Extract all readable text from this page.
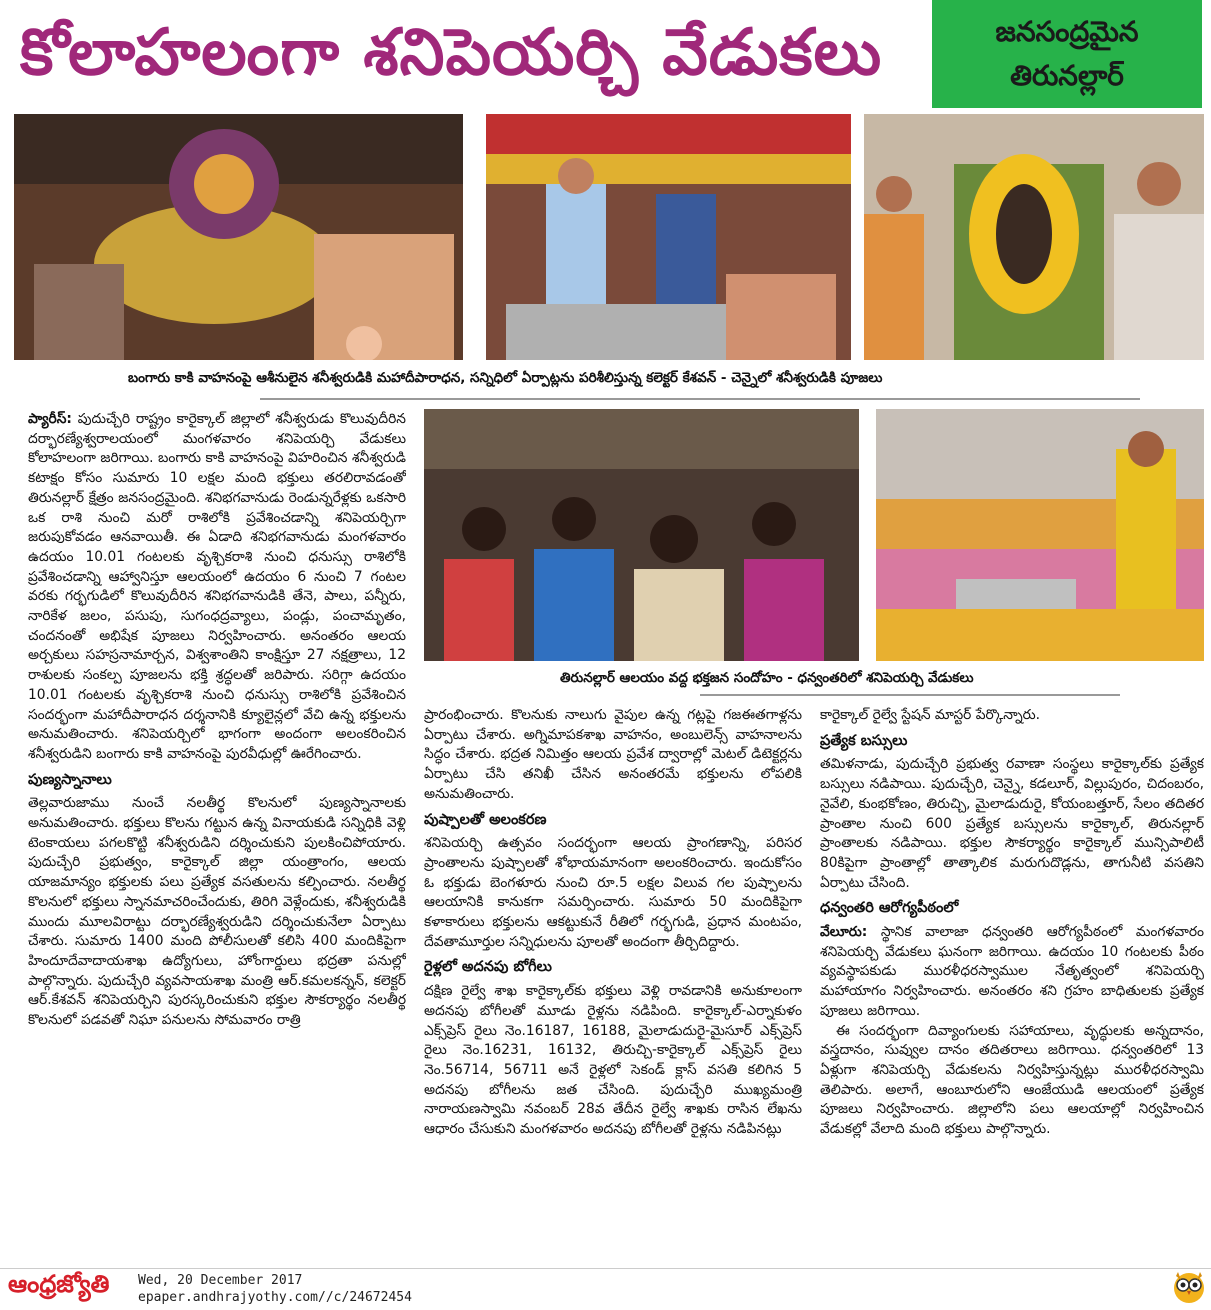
కోలాహలంగా శనిపెయర్చి వేడుకలు	జనసంద్రమైన
తిరునల్లార్
బంగారు కాకి వాహనంపై ఆశీనులైన శనీశ్వరుడికి మహాదీపారాధన, సన్నిధిలో ఏర్పాట్లను పరిశీలిస్తున్న కలెక్టర్ కేశవన్ - చెన్నైలో శనీశ్వరుడికి పూజలు
తిరునల్లార్ ఆలయం వద్ద భక్తజన సందోహం - ధన్వంతరిలో శనిపెయర్చి వేడుకలు

ప్యారీస్: పుదుచ్చేరి రాష్ట్రం కారైక్కాల్ జిల్లాలో శనీశ్వరుడు కొలువుదీరిన దర్భారణ్యేశ్వరాలయంలో మంగళవారం శనిపెయర్చి వేడుకలు కోలాహలంగా జరిగాయి. బంగారు కాకి వాహనంపై విహరించిన శనీశ్వరుడి కటాక్షం కోసం సుమారు 10 లక్షల మంది భక్తులు తరలిరావడంతో తిరునల్లార్ క్షేత్రం జనసంద్రమైంది. శనిభగవానుడు రెండున్నరేళ్లకు ఒకసారి ఒక రాశి నుంచి మరో రాశిలోకి ప్రవేశించడాన్ని శనిపెయర్చిగా జరుపుకోవడం ఆనవాయితీ. ఈ ఏడాది శనిభగవానుడు మంగళవారం ఉదయం 10.01 గంటలకు వృశ్చికరాశి నుంచి ధనుస్సు రాశిలోకి ప్రవేశించడాన్ని ఆహ్వానిస్తూ ఆలయంలో ఉదయం 6 నుంచి 7 గంటల వరకు గర్భగుడిలో కొలువుదీరిన శనిభగవానుడికి తేనె, పాలు, పన్నీరు, నారికేళ జలం, పసుపు, సుగంధద్రవ్యాలు, పండ్లు, పంచామృతం, చందనంతో అభిషేక పూజలు నిర్వహించారు. అనంతరం ఆలయ అర్చకులు సహస్రనామార్చన, విశ్వశాంతిని కాంక్షిస్తూ 27 నక్షత్రాలు, 12 రాశులకు సంకల్ప పూజలను భక్తి శ్రద్ధలతో జరిపారు. సరిగ్గా ఉదయం 10.01 గంటలకు వృశ్చికరాశి నుంచి ధనుస్సు రాశిలోకి ప్రవేశించిన సందర్భంగా మహాదీపారాధన దర్శనానికి క్యూలైన్లలో వేచి ఉన్న భక్తులను అనుమతించారు. శనిపెయర్చిలో భాగంగా అందంగా అలంకరించిన శనీశ్వరుడిని బంగారు కాకి వాహనంపై పురవీధుల్లో ఊరేగించారు.

పుణ్యస్నానాలు

తెల్లవారుజాము నుంచే నలతీర్థ కొలనులో పుణ్యస్నానాలకు అనుమతించారు. భక్తులు కొలను గట్టున ఉన్న వినాయకుడి సన్నిధికి వెళ్లి టెంకాయలు పగలకొట్టి శనీశ్వరుడిని దర్శించుకుని పులకించిపోయారు. పుదుచ్చేరి ప్రభుత్వం, కారైక్కాల్ జిల్లా యంత్రాంగం, ఆలయ యాజమాన్యం భక్తులకు పలు ప్రత్యేక వసతులను కల్పించారు. నలతీర్థ కొలనులో భక్తులు స్నానమాచరించేందుకు, తిరిగి వెళ్లేందుకు, శనీశ్వరుడికి ముందు మూలవిరాట్టు దర్భారణ్యేశ్వరుడిని దర్శించుకునేలా ఏర్పాటు చేశారు. సుమారు 1400 మంది పోలీసులతో కలిసి 400 మందికిపైగా హిందూదేవాదాయశాఖ ఉద్యోగులు, హోంగార్డులు భద్రతా పనుల్లో పాల్గొన్నారు. పుదుచ్చేరి వ్యవసాయశాఖ మంత్రి ఆర్.కమలకన్నన్, కలెక్టర్ ఆర్.కేశవన్ శనిపెయర్చిని పురస్కరించుకుని భక్తుల సౌకర్యార్థం నలతీర్థ కొలనులో పడవతో నిఘా పనులను సోమవారం రాత్రి

ప్రారంభించారు. కొలనుకు నాలుగు వైపుల ఉన్న గట్లపై గజఈతగాళ్లను ఏర్పాటు చేశారు. అగ్నిమాపకశాఖ వాహనం, అంబులెన్స్ వాహనాలను సిద్ధం చేశారు. భద్రత నిమిత్తం ఆలయ ప్రవేశ ద్వారాల్లో మెటల్ డిటెక్టర్లను ఏర్పాటు చేసి తనిఖీ చేసిన అనంతరమే భక్తులను లోపలికి అనుమతించారు.

పుష్పాలతో అలంకరణ

శనిపెయర్చి ఉత్సవం సందర్భంగా ఆలయ ప్రాంగణాన్ని, పరిసర ప్రాంతాలను పుష్పాలతో శోభాయమానంగా అలంకరించారు. ఇందుకోసం ఓ భక్తుడు బెంగళూరు నుంచి రూ.5 లక్షల విలువ గల పుష్పాలను ఆలయానికి కానుకగా సమర్పించారు. సుమారు 50 మందికిపైగా కళాకారులు భక్తులను ఆకట్టుకునే రీతిలో గర్భగుడి, ప్రధాన మంటపం, దేవతామూర్తుల సన్నిధులను పూలతో అందంగా తీర్చిదిద్దారు.

రైళ్లలో అదనపు బోగీలు

దక్షిణ రైల్వే శాఖ కారైక్కాల్‌కు భక్తులు వెళ్లి రావడానికి అనుకూలంగా అదనపు బోగీలతో మూడు రైళ్లను నడిపింది. కారైక్కాల్-ఎర్నాకుళం ఎక్స్‌ప్రెస్ రైలు నెం.16187, 16188, మైలాడుదురై-మైసూర్ ఎక్స్‌ప్రెస్ రైలు నెం.16231, 16132, తిరుచ్చి-కారైక్కాల్ ఎక్స్‌ప్రెస్ రైలు నెం.56714, 56711 అనే రైళ్లలో సెకండ్ క్లాస్ వసతి కలిగిన 5 అదనపు బోగీలను జత చేసింది. పుదుచ్చేరి ముఖ్యమంత్రి నారాయణస్వామి నవంబర్ 28వ తేదీన రైల్వే శాఖకు రాసిన లేఖను ఆధారం చేసుకుని మంగళవారం అదనపు బోగీలతో రైళ్లను నడిపినట్లు

కారైక్కాల్ రైల్వే స్టేషన్ మాస్టర్ పేర్కొన్నారు.

ప్రత్యేక బస్సులు

తమిళనాడు, పుదుచ్చేరి ప్రభుత్వ రవాణా సంస్థలు కారైక్కాల్‌కు ప్రత్యేక బస్సులు నడిపాయి. పుదుచ్చేరి, చెన్నై, కడలూర్, విల్లుపురం, చిదంబరం, నైవేలి, కుంభకోణం, తిరుచ్చి, మైలాడుదురై, కోయంబత్తూర్, సేలం తదితర ప్రాంతాల నుంచి 600 ప్రత్యేక బస్సులను కారైక్కాల్, తిరునల్లార్ ప్రాంతాలకు నడిపాయి. భక్తుల సౌకర్యార్థం కారైక్కాల్ మున్సిపాలిటీ 80కిపైగా ప్రాంతాల్లో తాత్కాలిక మరుగుదొడ్లను, తాగునీటి వసతిని ఏర్పాటు చేసింది.

ధన్వంతరి ఆరోగ్యపీఠంలో

వేలూరు: స్థానిక వాలాజా ధన్వంతరి ఆరోగ్యపీఠంలో మంగళవారం శనిపెయర్చి వేడుకలు ఘనంగా జరిగాయి. ఉదయం 10 గంటలకు పీఠం వ్యవస్థాపకుడు మురళీధరస్వాముల నేతృత్వంలో శనిపెయర్చి మహాయాగం నిర్వహించారు. అనంతరం శని గ్రహం బాధితులకు ప్రత్యేక పూజలు జరిగాయి.

ఈ సందర్భంగా దివ్యాంగులకు సహాయాలు, వృద్ధులకు అన్నదానం, వస్త్రదానం, సువ్వుల దానం తదితరాలు జరిగాయి. ధన్వంతరిలో 13 ఏళ్లుగా శనిపెయర్చి వేడుకలను నిర్వహిస్తున్నట్లు మురళీధరస్వామి తెలిపారు. అలాగే, ఆంబూరులోని ఆంజేయుడి ఆలయంలో ప్రత్యేక పూజలు నిర్వహించారు. జిల్లాలోని పలు ఆలయాల్లో నిర్వహించిన వేడుకల్లో వేలాది మంది భక్తులు పాల్గొన్నారు.

ఆంధ్రజ్యోతి Wed, 20 December 2017
epaper.andhrajyothy.com//c/24672454
